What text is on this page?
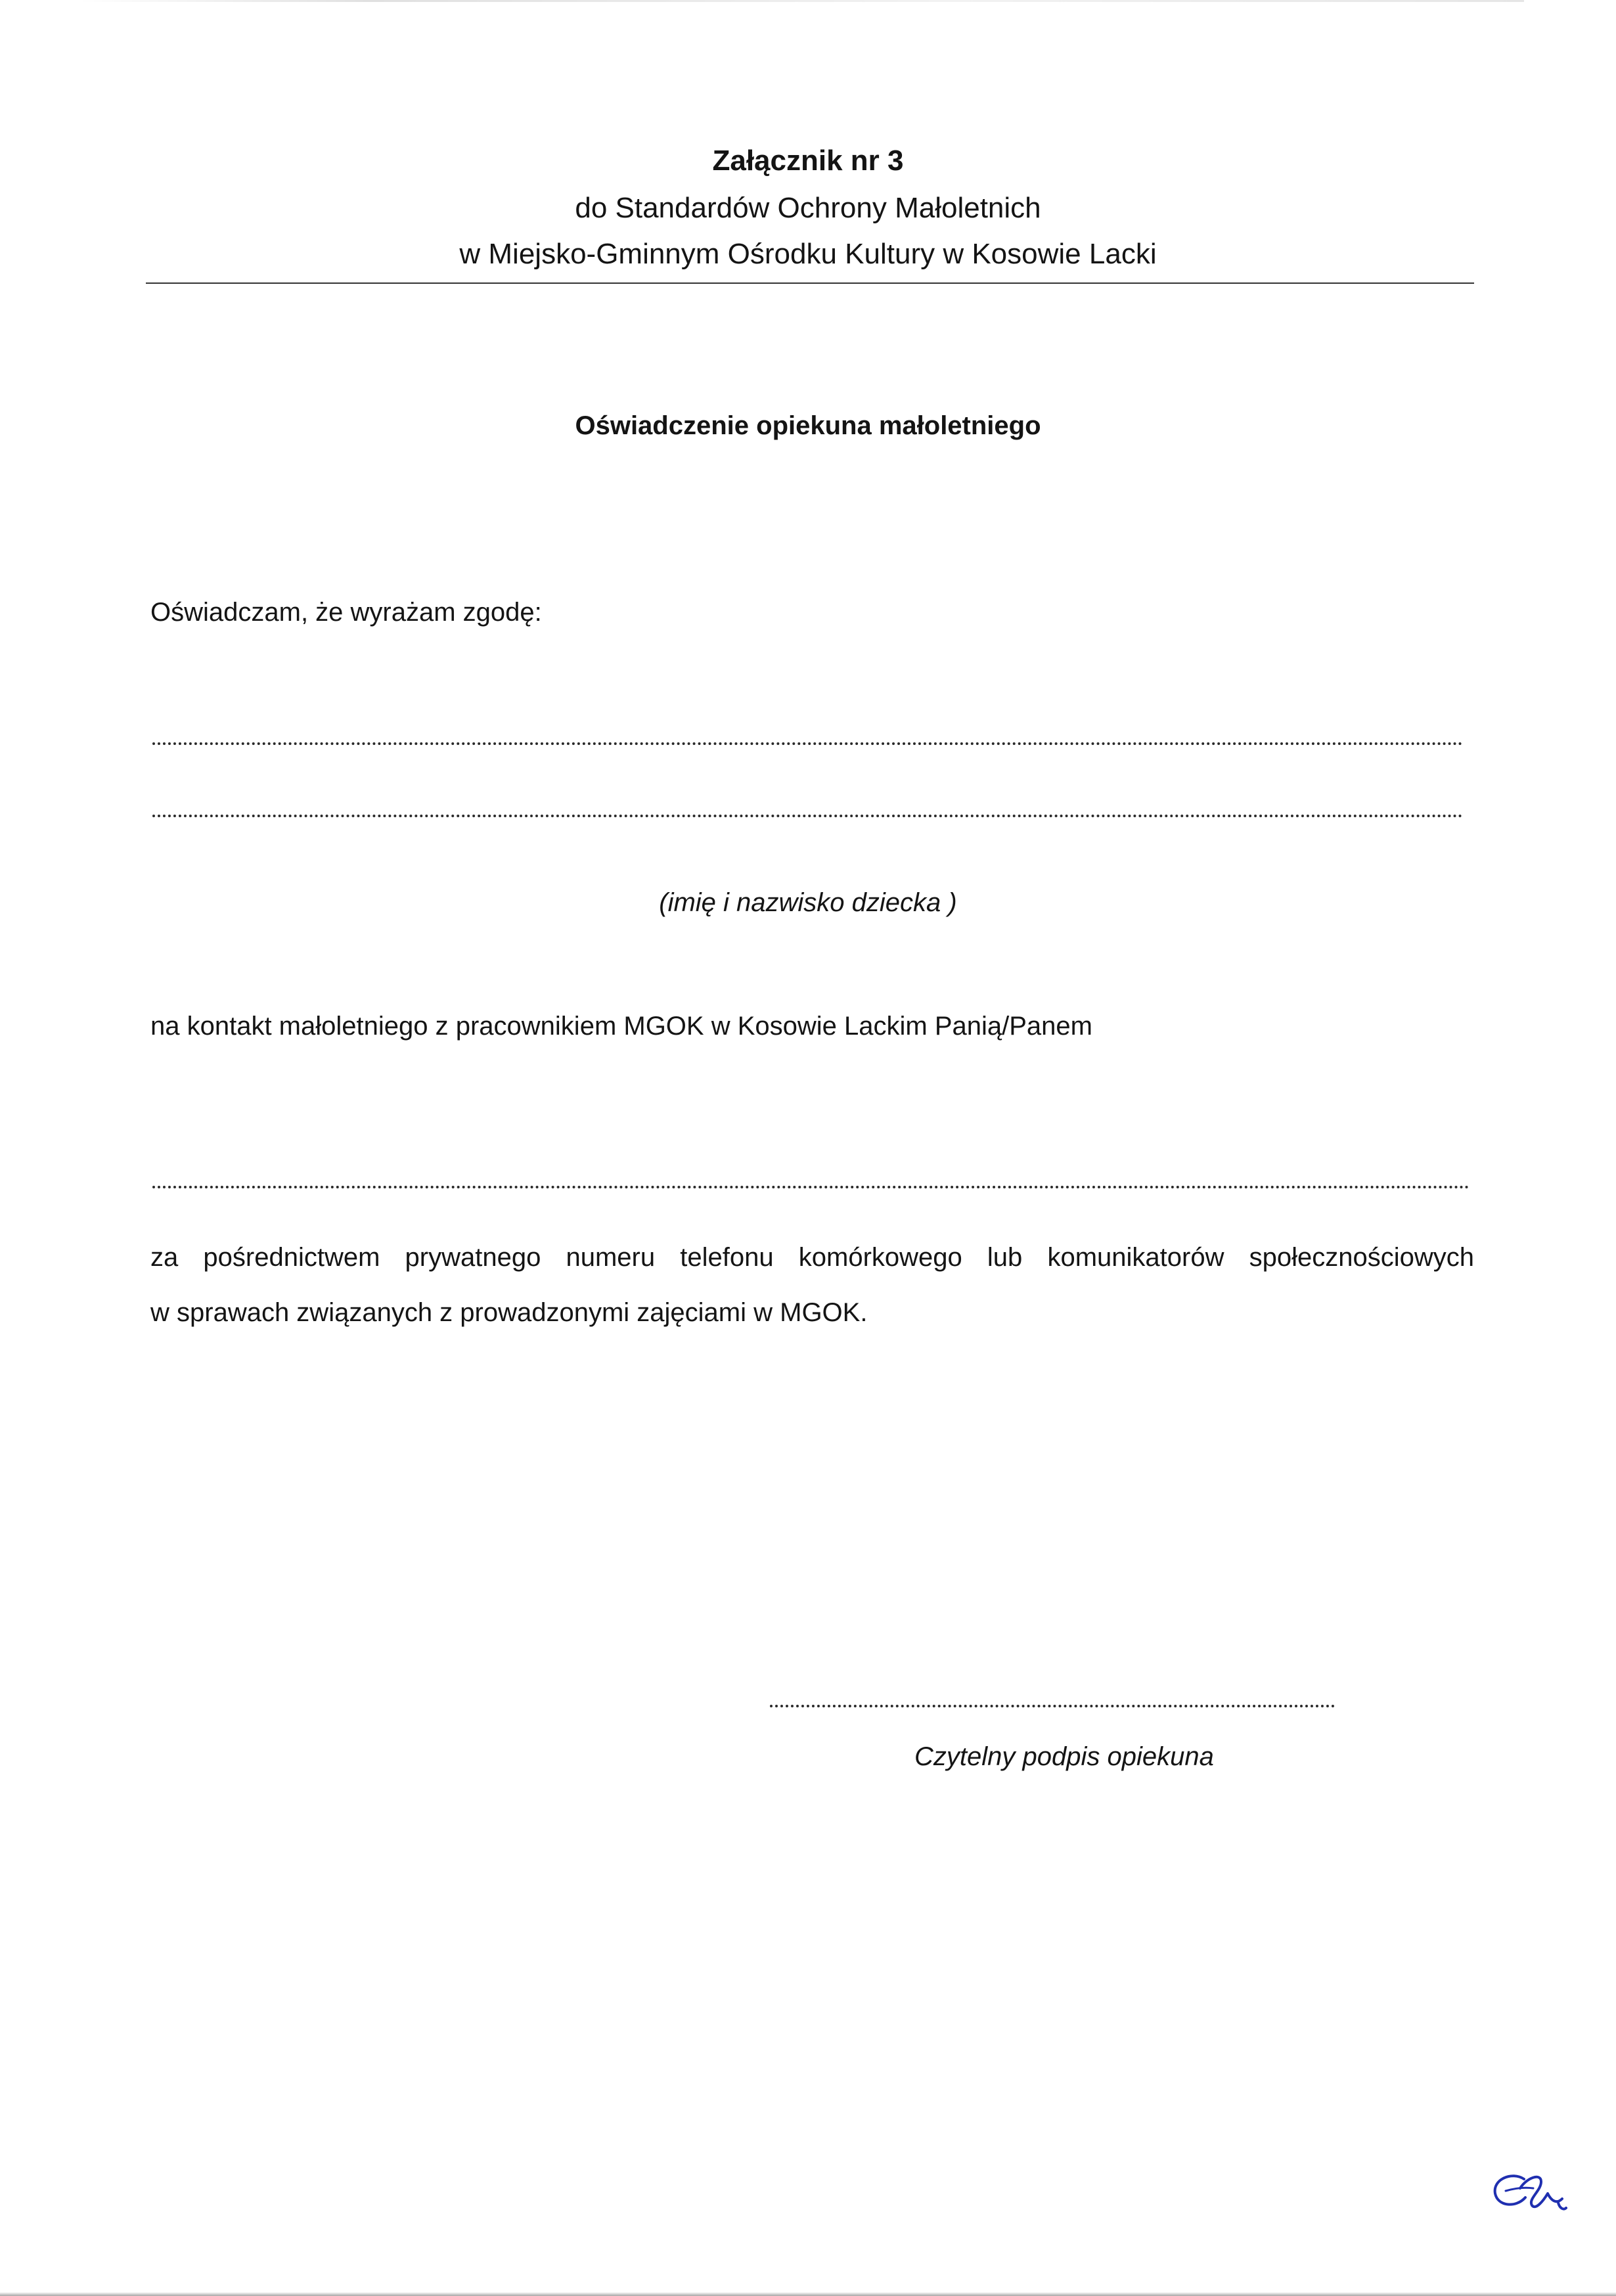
Załącznik nr 3
do Standardów Ochrony Małoletnich
w Miejsko-Gminnym Ośrodku Kultury w Kosowie Lacki
Oświadczenie opiekuna małoletniego
Oświadczam, że wyrażam zgodę:
(imię i nazwisko dziecka )
na kontakt małoletniego z pracownikiem MGOK w Kosowie Lackim Panią/Panem
za pośrednictwem prywatnego numeru telefonu komórkowego lub komunikatorów społecznościowych
w sprawach związanych z prowadzonymi zajęciami w MGOK.
Czytelny podpis opiekuna
